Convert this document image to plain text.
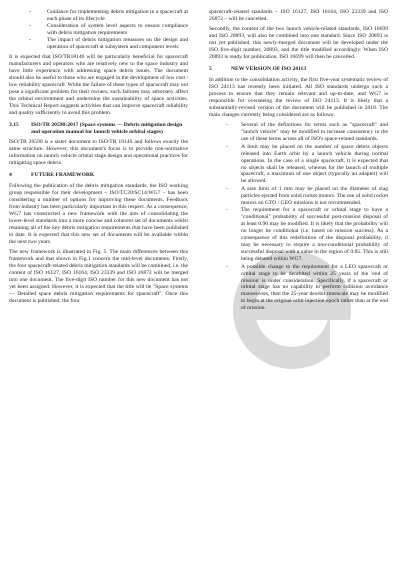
-	Guidance for implementing debris mitigation in a spacecraft at each phase of its lifecycle
-	Consideration of system level aspects to ensure compliance with debris mitigation requirements
-	The impact of debris mitigation measures on the design and operation of spacecraft at subsystem and component levels

It is expected that ISO/TR18146 will be particularly beneficial for spacecraft manufacturers and operators who are relatively new to the space industry and have little experience with addressing space debris issues. The document should also be useful to those who are engaged in the development of low cost / low reliability spacecraft. While the failure of these types of spacecraft may not pose a significant problem for their owners, such failures may adversely affect the orbital environment and undermine the sustainability of space activities. This Technical Report suggests activities that can improve spacecraft reliability and quality sufficiently to avoid this problem.

3.15	ISO/TR 20590:2017 (Space systems — Debris mitigation design and operation manual for launch vehicle orbital stages)

ISO/TR 20590 is a sister document to ISO/TR 18146 and follows exactly the same structure. However, this document's focus is to provide non-normative information on launch vehicle orbital stage design and operational practices for mitigating space debris.

4	FUTURE FRAMEWORK

Following the publication of the debris mitigation standards, the ISO working group responsible for their development – ISO/TC20/SC14/WG7 – has been considering a number of options for improving these documents. Feedback from industry has been particularly important in this respect. As a consequence, WG7 has constructed a new framework with the aim of consolidating the lower-level standards into a more concise and coherent set of documents whilst retaining all of the key debris mitigation requirements that have been published to date. It is expected that this new set of documents will be available within the next two years.

The new framework is illustrated in Fig. 5. The main differences between this framework and that shown in Fig.1 concern the mid-level documents. Firstly, the four spacecraft-related debris mitigation standards will be combined, i.e. the content of ISO 16127, ISO 16164, ISO 23339 and ISO 26872 will be merged into one document. The five-digit ISO number for this new document has not yet been assigned. However, it is expected that the title will be "Space systems — Detailed space debris mitigation requirements for spacecraft". Once this document is published, the four

spacecraft-related standards – ISO 16127, ISO 16164, ISO 23339 and ISO 26872 – will be cancelled.

Secondly, the content of the two launch vehicle-related standards, ISO 16699 and ISO 20893, will also be combined into one standard. Since ISO 20893 is not yet published, this newly-merged document will be developed under the ISO five-digit number, 20893, and the title modified accordingly. When ISO 20893 is ready for publication, ISO 16699 will then be cancelled.

5	NEW VERSION OF ISO 24113

In addition to the consolidation activity, the first five-year systematic review of ISO 24113 has recently been initiated. All ISO standards undergo such a process to ensure that they remain relevant and up-to-date, and WG7 is responsible for overseeing the review of ISO 24113. It is likely that a substantially-revised version of the document will be published in 2018. The main changes currently being considered are as follows:

- Several of the definitions for terms such as "spacecraft" and "launch vehicle" may be modified to increase consistency in the use of these terms across all of ISO's space-related standards.
- A limit may be placed on the number of space debris objects released into Earth orbit by a launch vehicle during normal operations. In the case of a single spacecraft, it is expected that no objects shall be released, whereas for the launch of multiple spacecraft, a maximum of one object (typically an adapter) will be allowed.
- A size limit of 1 mm may be placed on the diameter of slag particles ejected from solid rocket motors. The use of solid rocket motors on GTO / GEO missions is not recommended.
- The requirement for a spacecraft or orbital stage to have a "conditional" probability of successful post-mission disposal of at least 0.90 may be modified. It is likely that the probability will no longer be conditional (i.e. based on mission success). As a consequence of this redefinition of the disposal probability, it may be necessary to require a non-conditional probability of successful disposal with a value in the region of 0.85. This is still being debated within WG7.
- A possible change to the requirement for a LEO spacecraft or orbital stage to be deorbited within 25 years of the 'end of mission' is under consideration. Specifically, if a spacecraft or orbital stage has no capability to perform collision avoidance manoeuvres, then the 25-year deorbit timescale may be modified to begin at the original orbit injection epoch rather than at the end of mission.
